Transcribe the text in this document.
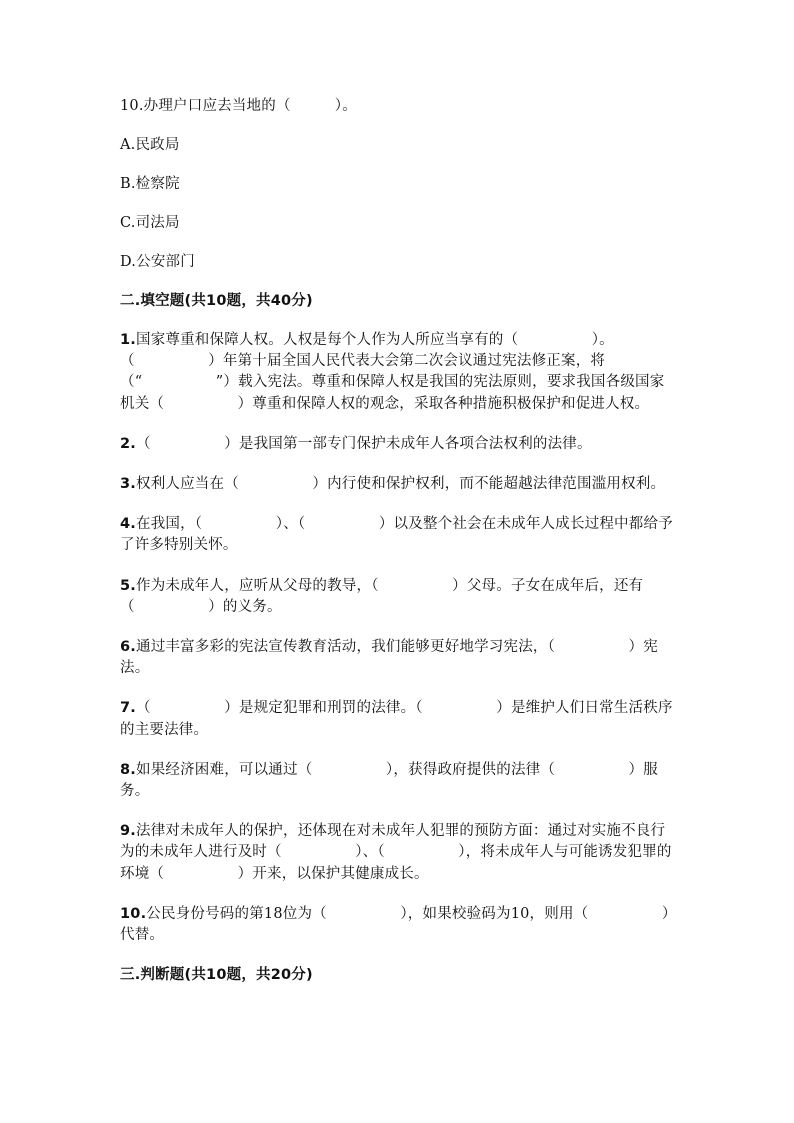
10.办理户口应去当地的（　　　）。

A.民政局

B.检察院

C.司法局

D.公安部门

二.填空题(共10题，共40分)

1.国家尊重和保障人权。人权是每个人作为人所应当享有的（　　　　　）。（　　　　　）年第十届全国人民代表大会第二次会议通过宪法修正案，将（“　　　　　”）载入宪法。尊重和保障人权是我国的宪法原则，要求我国各级国家机关（　　　　　）尊重和保障人权的观念，采取各种措施积极保护和促进人权。

2.（　　　　　）是我国第一部专门保护未成年人各项合法权利的法律。

3.权利人应当在（　　　　　）内行使和保护权利，而不能超越法律范围滥用权利。

4.在我国，（　　　　　）、（　　　　　）以及整个社会在未成年人成长过程中都给予了许多特别关怀。

5.作为未成年人，应听从父母的教导，（　　　　　）父母。子女在成年后，还有（　　　　　）的义务。

6.通过丰富多彩的宪法宣传教育活动，我们能够更好地学习宪法，（　　　　　）宪法。

7.（　　　　　）是规定犯罪和刑罚的法律。（　　　　　）是维护人们日常生活秩序的主要法律。

8.如果经济困难，可以通过（　　　　　），获得政府提供的法律（　　　　　）服务。

9.法律对未成年人的保护，还体现在对未成年人犯罪的预防方面：通过对实施不良行为的未成年人进行及时（　　　　　）、（　　　　　），将未成年人与可能诱发犯罪的环境（　　　　　）开来，以保护其健康成长。

10.公民身份号码的第18位为（　　　　　），如果校验码为10，则用（　　　　　）代替。

三.判断题(共10题，共20分)
